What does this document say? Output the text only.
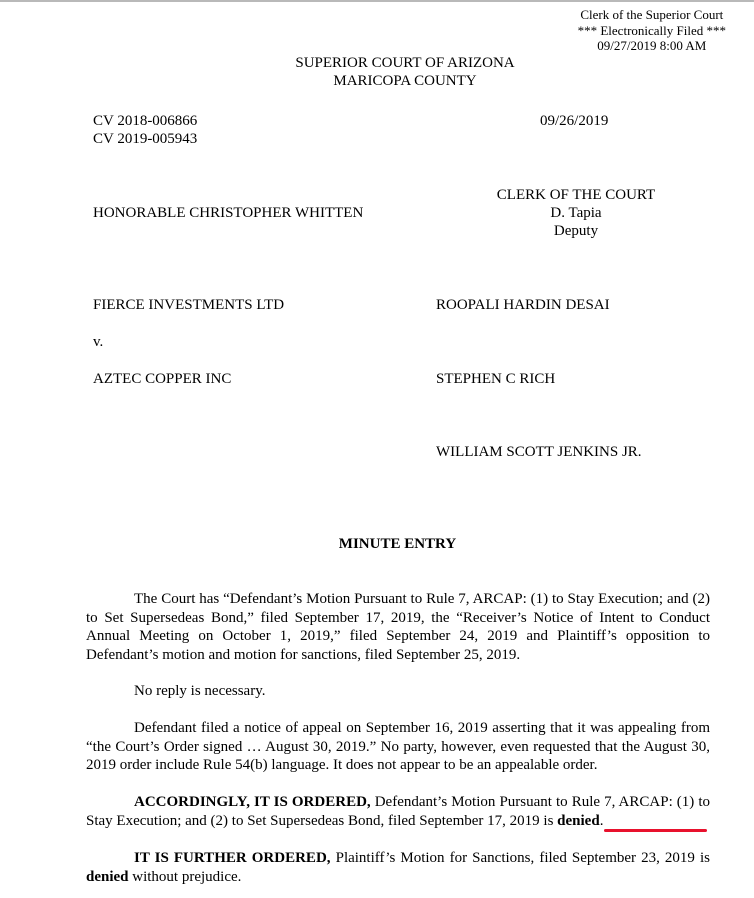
Clerk of the Superior Court
*** Electronically Filed ***
09/27/2019 8:00 AM
SUPERIOR COURT OF ARIZONA
MARICOPA COUNTY
CV 2018-006866
CV 2019-005943
09/26/2019
HONORABLE CHRISTOPHER WHITTEN
CLERK OF THE COURT
D. Tapia
Deputy
FIERCE INVESTMENTS LTD	ROOPALI HARDIN DESAI
v.
AZTEC COPPER INC	STEPHEN C RICH
WILLIAM SCOTT JENKINS JR.
MINUTE ENTRY

The Court has “Defendant’s Motion Pursuant to Rule 7, ARCAP: (1) to Stay Execution; and (2) to Set Supersedeas Bond,” filed September 17, 2019, the “Receiver’s Notice of Intent to Conduct Annual Meeting on October 1, 2019,” filed September 24, 2019 and Plaintiff’s opposition to Defendant’s motion and motion for sanctions, filed September 25, 2019.

No reply is necessary.

Defendant filed a notice of appeal on September 16, 2019 asserting that it was appealing from “the Court’s Order signed … August 30, 2019.” No party, however, even requested that the August 30, 2019 order include Rule 54(b) language. It does not appear to be an appealable order.

ACCORDINGLY, IT IS ORDERED, Defendant’s Motion Pursuant to Rule 7, ARCAP: (1) to Stay Execution; and (2) to Set Supersedeas Bond, filed September 17, 2019 is denied.

IT IS FURTHER ORDERED, Plaintiff’s Motion for Sanctions, filed September 23, 2019 is denied without prejudice.
